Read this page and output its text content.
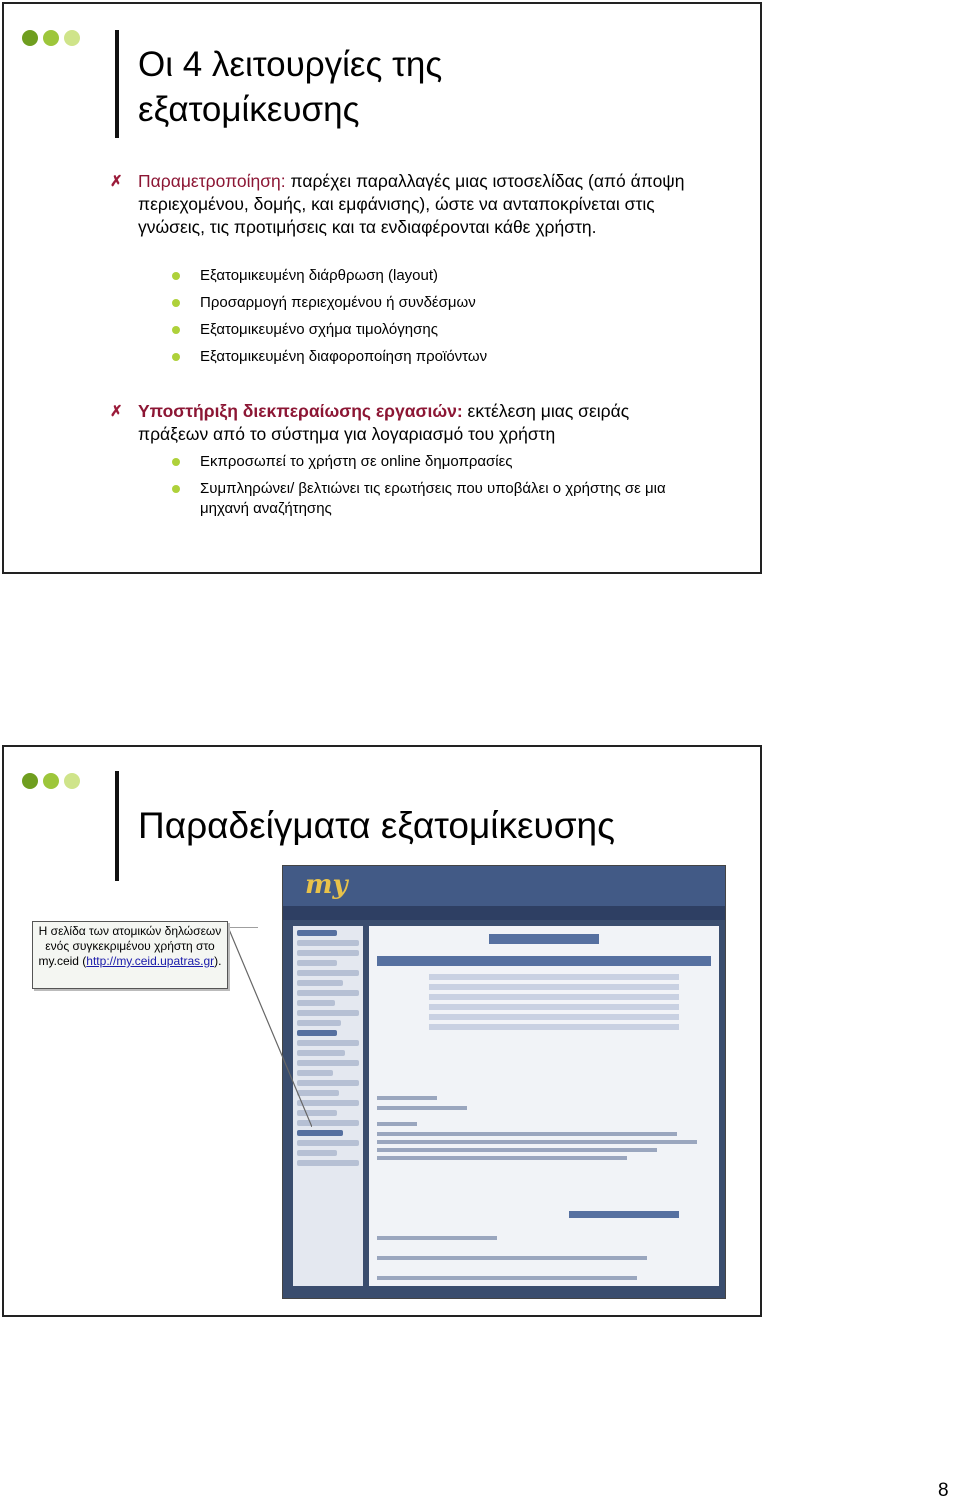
Οι 4 λειτουργίες της εξατομίκευσης
✗ Παραμετροποίηση: παρέχει παραλλαγές μιας ιστοσελίδας (από άποψη περιεχομένου, δομής, και εμφάνισης), ώστε να ανταποκρίνεται στις γνώσεις, τις προτιμήσεις και τα ενδιαφέρονται κάθε χρήστη.
Εξατομικευμένη διάρθρωση (layout)
Προσαρμογή περιεχομένου ή συνδέσμων
Εξατομικευμένο σχήμα τιμολόγησης
Εξατομικευμένη διαφοροποίηση προϊόντων
✗ Υποστήριξη διεκπεραίωσης εργασιών: εκτέλεση μιας σειράς πράξεων από το σύστημα για λογαριασμό του χρήστη
Εκπροσωπεί το χρήστη σε online δημοπρασίες
Συμπληρώνει/ βελτιώνει τις ερωτήσεις που υποβάλει ο χρήστης σε μια μηχανή αναζήτησης
Παραδείγματα εξατομίκευσης
my
Η σελίδα των ατομικών δηλώσεων ενός συγκεκριμένου χρήστη στο my.ceid (http://my.ceid.upatras.gr).
8
